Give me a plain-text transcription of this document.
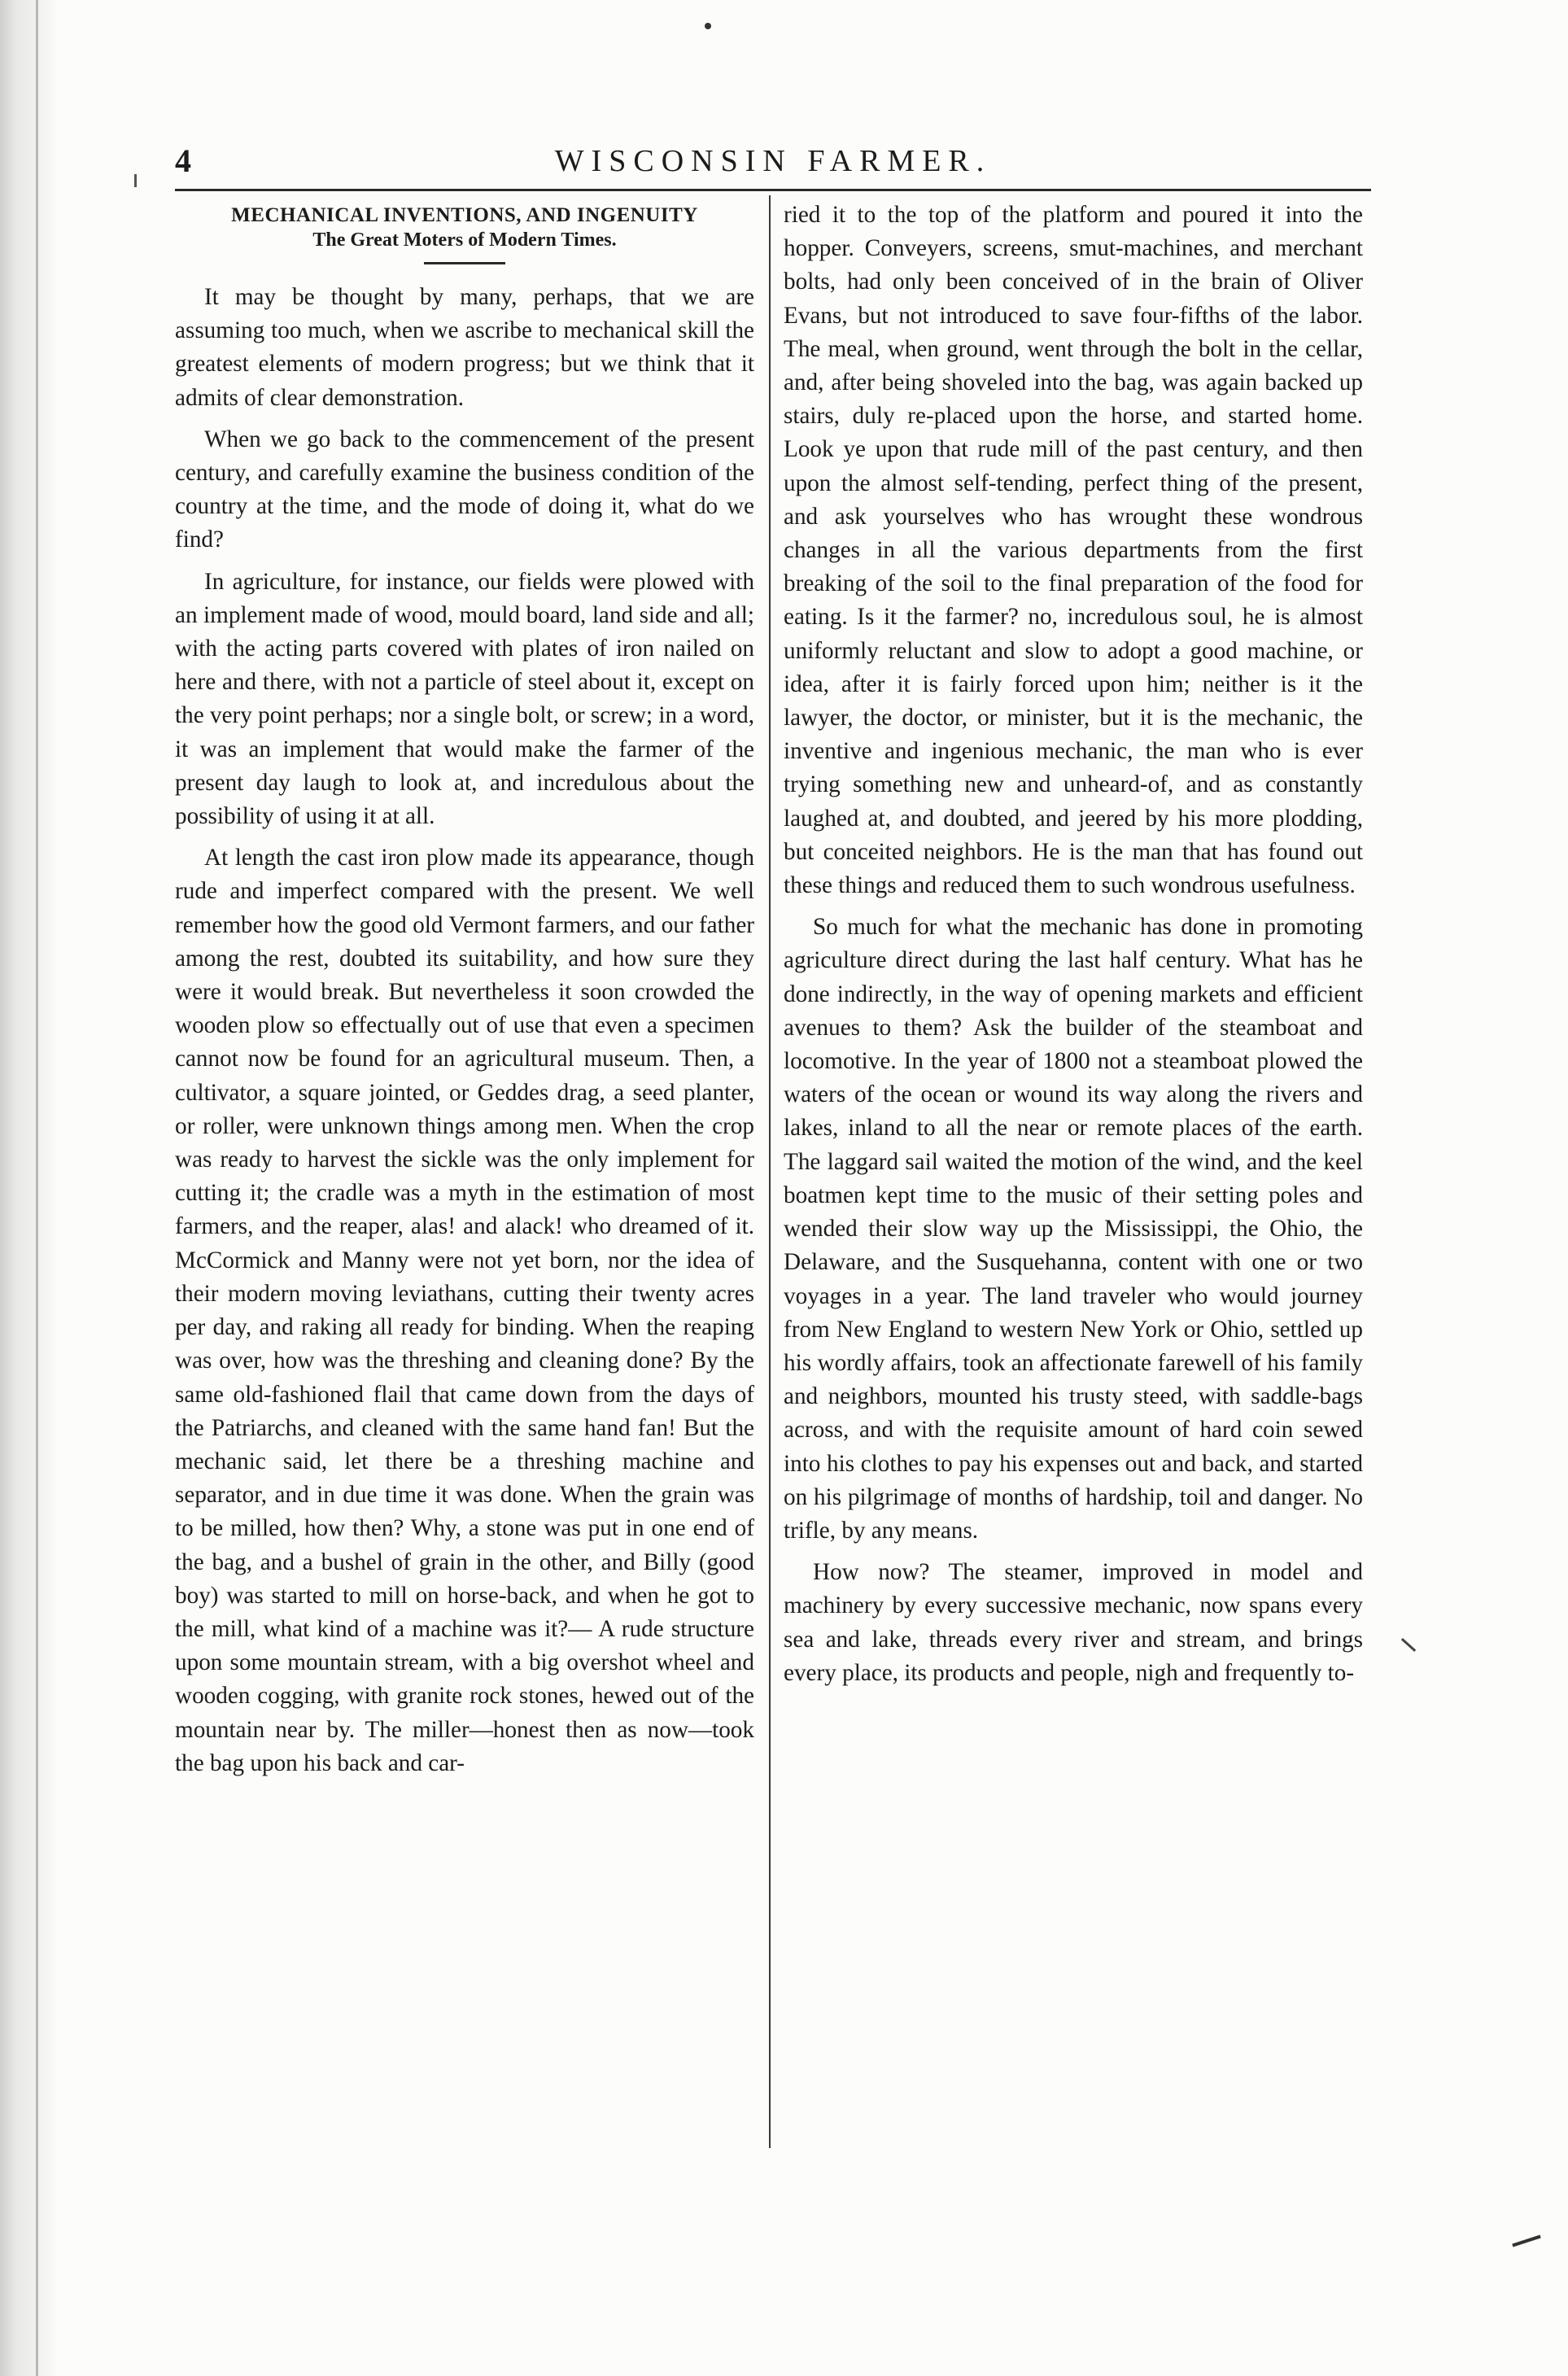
4	WISCONSIN FARMER.
MECHANICAL INVENTIONS, AND INGENUITY
The Great Moters of Modern Times.

It may be thought by many, perhaps, that we are assuming too much, when we ascribe to mechanical skill the greatest elements of modern progress; but we think that it admits of clear demonstration.

When we go back to the commencement of the present century, and carefully examine the business condition of the country at the time, and the mode of doing it, what do we find?

In agriculture, for instance, our fields were plowed with an implement made of wood, mould board, land side and all; with the acting parts covered with plates of iron nailed on here and there, with not a particle of steel about it, except on the very point perhaps; nor a single bolt, or screw; in a word, it was an implement that would make the farmer of the present day laugh to look at, and incredulous about the possibility of using it at all.

At length the cast iron plow made its appearance, though rude and imperfect compared with the present. We well remember how the good old Vermont farmers, and our father among the rest, doubted its suitability, and how sure they were it would break. But nevertheless it soon crowded the wooden plow so effectually out of use that even a specimen cannot now be found for an agricultural museum. Then, a cultivator, a square jointed, or Geddes drag, a seed planter, or roller, were unknown things among men. When the crop was ready to harvest the sickle was the only implement for cutting it; the cradle was a myth in the estimation of most farmers, and the reaper, alas! and alack! who dreamed of it. McCormick and Manny were not yet born, nor the idea of their modern moving leviathans, cutting their twenty acres per day, and raking all ready for binding. When the reaping was over, how was the threshing and cleaning done? By the same old-fashioned flail that came down from the days of the Patriarchs, and cleaned with the same hand fan! But the mechanic said, let there be a threshing machine and separator, and in due time it was done. When the grain was to be milled, how then? Why, a stone was put in one end of the bag, and a bushel of grain in the other, and Billy (good boy) was started to mill on horse-back, and when he got to the mill, what kind of a machine was it?— A rude structure upon some mountain stream, with a big overshot wheel and wooden cogging, with granite rock stones, hewed out of the mountain near by. The miller—honest then as now—took the bag upon his back and car-

ried it to the top of the platform and poured it into the hopper. Conveyers, screens, smut-machines, and merchant bolts, had only been conceived of in the brain of Oliver Evans, but not introduced to save four-fifths of the labor. The meal, when ground, went through the bolt in the cellar, and, after being shoveled into the bag, was again backed up stairs, duly re-placed upon the horse, and started home. Look ye upon that rude mill of the past century, and then upon the almost self-tending, perfect thing of the present, and ask yourselves who has wrought these wondrous changes in all the various departments from the first breaking of the soil to the final preparation of the food for eating. Is it the farmer? no, incredulous soul, he is almost uniformly reluctant and slow to adopt a good machine, or idea, after it is fairly forced upon him; neither is it the lawyer, the doctor, or minister, but it is the mechanic, the inventive and ingenious mechanic, the man who is ever trying something new and unheard-of, and as constantly laughed at, and doubted, and jeered by his more plodding, but conceited neighbors. He is the man that has found out these things and reduced them to such wondrous usefulness.

So much for what the mechanic has done in promoting agriculture direct during the last half century. What has he done indirectly, in the way of opening markets and efficient avenues to them? Ask the builder of the steamboat and locomotive. In the year of 1800 not a steamboat plowed the waters of the ocean or wound its way along the rivers and lakes, inland to all the near or remote places of the earth. The laggard sail waited the motion of the wind, and the keel boatmen kept time to the music of their setting poles and wended their slow way up the Mississippi, the Ohio, the Delaware, and the Susquehanna, content with one or two voyages in a year. The land traveler who would journey from New England to western New York or Ohio, settled up his wordly affairs, took an affectionate farewell of his family and neighbors, mounted his trusty steed, with saddle-bags across, and with the requisite amount of hard coin sewed into his clothes to pay his expenses out and back, and started on his pilgrimage of months of hardship, toil and danger. No trifle, by any means.

How now? The steamer, improved in model and machinery by every successive mechanic, now spans every sea and lake, threads every river and stream, and brings every place, its products and people, nigh and frequently to-
